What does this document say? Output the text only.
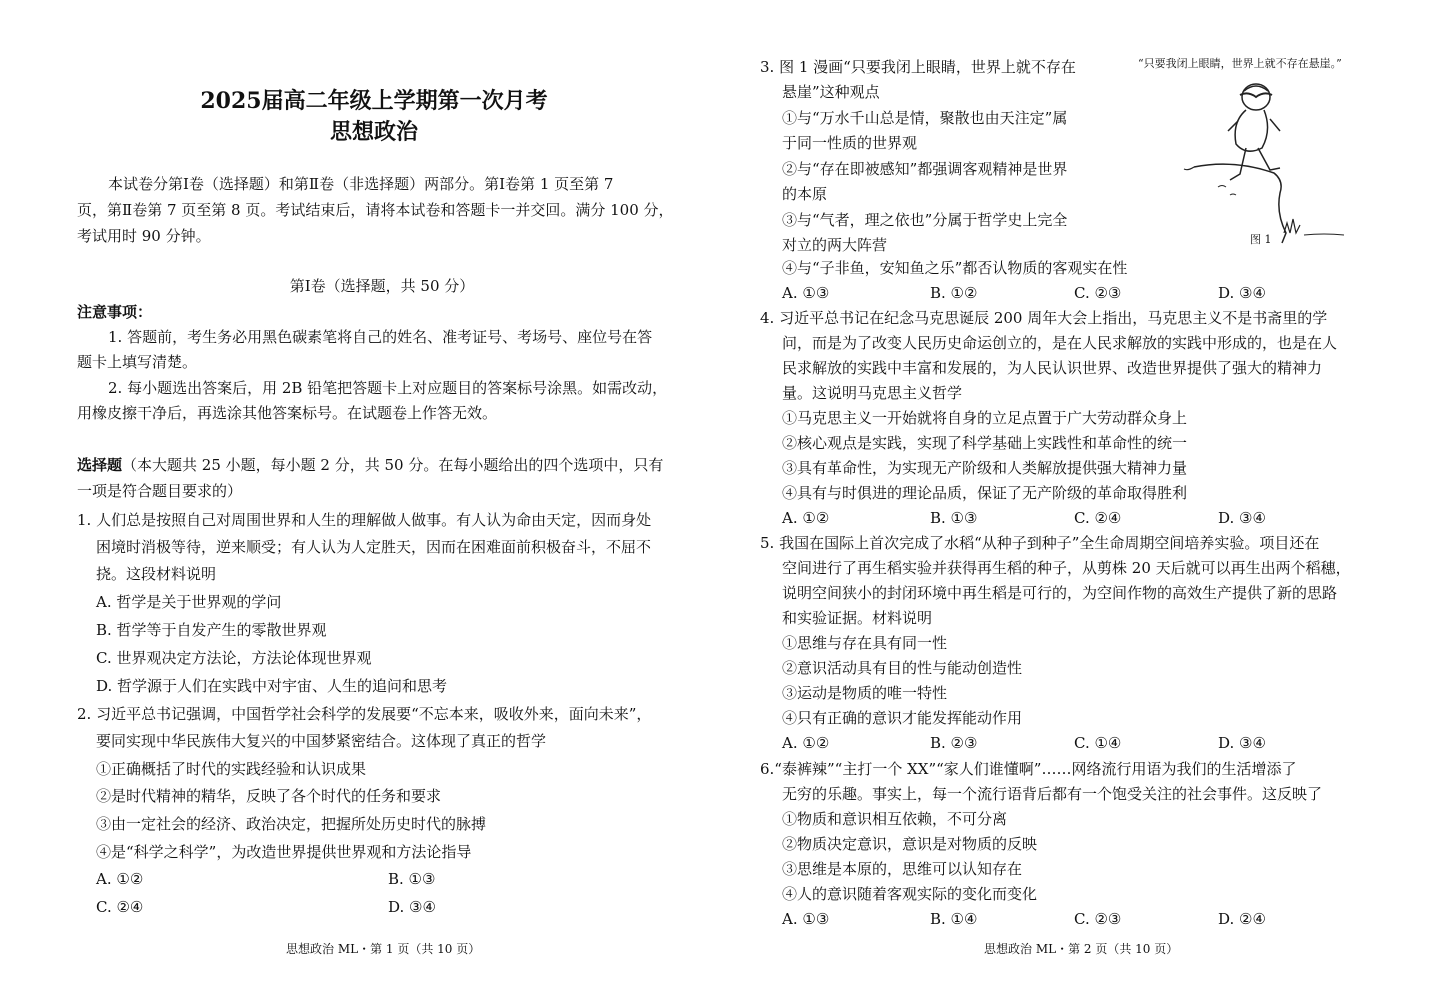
2025届高二年级上学期第一次月考
思想政治
本试卷分第Ⅰ卷（选择题）和第Ⅱ卷（非选择题）两部分。第Ⅰ卷第 1 页至第 7
页，第Ⅱ卷第 7 页至第 8 页。考试结束后，请将本试卷和答题卡一并交回。满分 100 分，
考试用时 90 分钟。
第Ⅰ卷（选择题，共 50 分）
注意事项：
1. 答题前，考生务必用黑色碳素笔将自己的姓名、准考证号、考场号、座位号在答
题卡上填写清楚。
2. 每小题选出答案后，用 2B 铅笔把答题卡上对应题目的答案标号涂黑。如需改动，
用橡皮擦干净后，再选涂其他答案标号。在试题卷上作答无效。
选择题（本大题共 25 小题，每小题 2 分，共 50 分。在每小题给出的四个选项中，只有
一项是符合题目要求的）
1. 人们总是按照自己对周围世界和人生的理解做人做事。有人认为命由天定，因而身处
困境时消极等待，逆来顺受；有人认为人定胜天，因而在困难面前积极奋斗，不屈不
挠。这段材料说明
A. 哲学是关于世界观的学问
B. 哲学等于自发产生的零散世界观
C. 世界观决定方法论，方法论体现世界观
D. 哲学源于人们在实践中对宇宙、人生的追问和思考
2. 习近平总书记强调，中国哲学社会科学的发展要“不忘本来，吸收外来，面向未来”，
要同实现中华民族伟大复兴的中国梦紧密结合。这体现了真正的哲学
①正确概括了时代的实践经验和认识成果
②是时代精神的精华，反映了各个时代的任务和要求
③由一定社会的经济、政治决定，把握所处历史时代的脉搏
④是“科学之科学”，为改造世界提供世界观和方法论指导
A. ①②	B. ①③
C. ②④	D. ③④
思想政治 ML・第 1 页（共 10 页）
3. 图 1 漫画“只要我闭上眼睛，世界上就不存在
悬崖”这种观点
①与“万水千山总是情，聚散也由天注定”属
于同一性质的世界观
②与“存在即被感知”都强调客观精神是世界
的本原
③与“气者，理之依也”分属于哲学史上完全
对立的两大阵营
④与“子非鱼，安知鱼之乐”都否认物质的客观实在性
A. ①③	B. ①②	C. ②③	D. ③④
“只要我闭上眼睛，世界上就不存在悬崖。”
图 1
4. 习近平总书记在纪念马克思诞辰 200 周年大会上指出，马克思主义不是书斋里的学
问，而是为了改变人民历史命运创立的，是在人民求解放的实践中形成的，也是在人
民求解放的实践中丰富和发展的，为人民认识世界、改造世界提供了强大的精神力
量。这说明马克思主义哲学
①马克思主义一开始就将自身的立足点置于广大劳动群众身上
②核心观点是实践，实现了科学基础上实践性和革命性的统一
③具有革命性，为实现无产阶级和人类解放提供强大精神力量
④具有与时俱进的理论品质，保证了无产阶级的革命取得胜利
A. ①②	B. ①③	C. ②④	D. ③④
5. 我国在国际上首次完成了水稻“从种子到种子”全生命周期空间培养实验。项目还在
空间进行了再生稻实验并获得再生稻的种子，从剪株 20 天后就可以再生出两个稻穗，
说明空间狭小的封闭环境中再生稻是可行的，为空间作物的高效生产提供了新的思路
和实验证据。材料说明
①思维与存在具有同一性
②意识活动具有目的性与能动创造性
③运动是物质的唯一特性
④只有正确的意识才能发挥能动作用
A. ①②	B. ②③	C. ①④	D. ③④
6.“泰裤辣”“主打一个 XX”“家人们谁懂啊”……网络流行用语为我们的生活增添了
无穷的乐趣。事实上，每一个流行语背后都有一个饱受关注的社会事件。这反映了
①物质和意识相互依赖，不可分离
②物质决定意识，意识是对物质的反映
③思维是本原的，思维可以认知存在
④人的意识随着客观实际的变化而变化
A. ①③	B. ①④	C. ②③	D. ②④
思想政治 ML・第 2 页（共 10 页）
